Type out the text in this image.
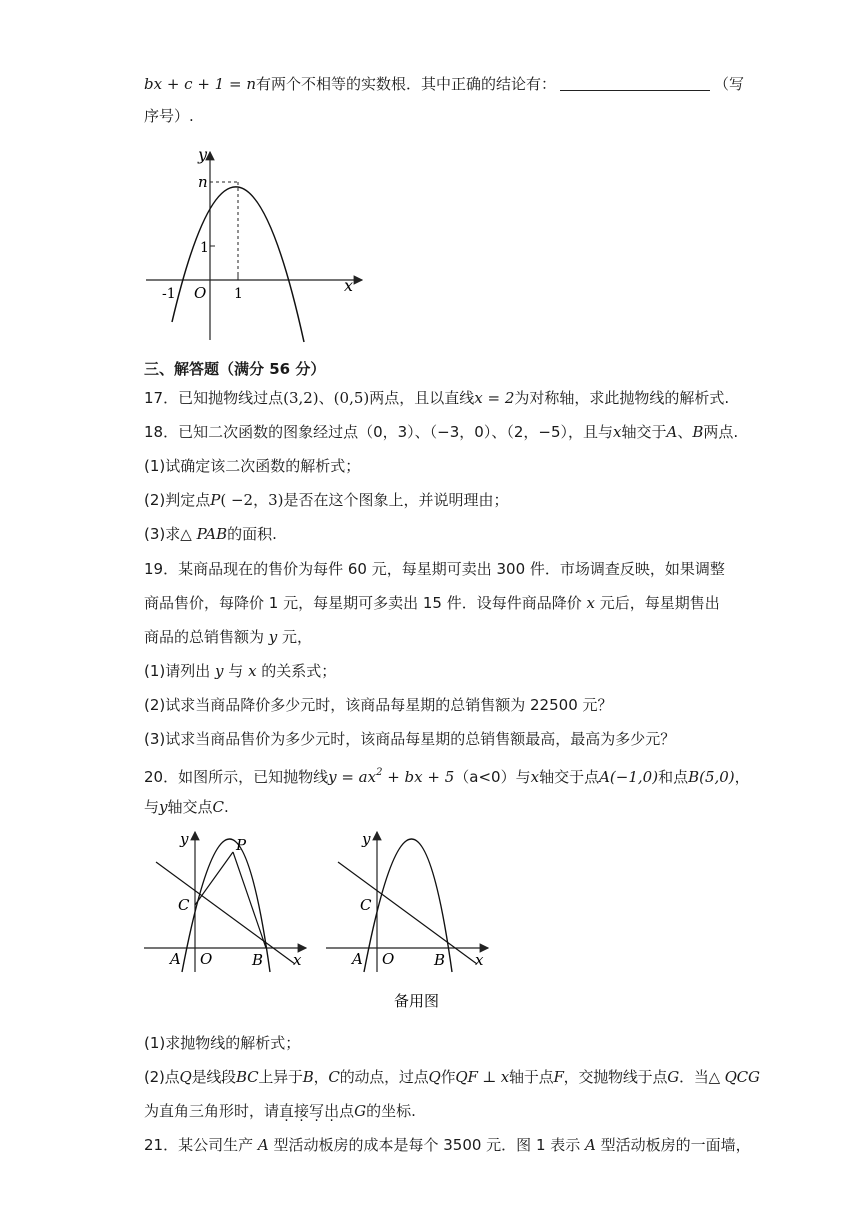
bx + c + 1 = n有两个不相等的实数根．其中正确的结论有：	（写
序号）.
y
n
1
-1 O 1	x
三、解答题（满分 56 分）
17．已知抛物线过点(3,2)、(0,5)两点，且以直线x = 2为对称轴，求此抛物线的解析式.
18．已知二次函数的图象经过点（0，3）、（−3，0）、（2，−5），且与x轴交于A、B两点.
(1)试确定该二次函数的解析式；
(2)判定点P( −2，3)是否在这个图象上，并说明理由；
(3)求△ PAB的面积.
19．某商品现在的售价为每件 60 元，每星期可卖出 300 件．市场调查反映，如果调整
商品售价，每降价 1 元，每星期可多卖出 15 件．设每件商品降价 x 元后，每星期售出
商品的总销售额为 y 元，
(1)请列出 y 与 x 的关系式；
(2)试求当商品降价多少元时，该商品每星期的总销售额为 22500 元？
(3)试求当商品售价为多少元时，该商品每星期的总销售额最高，最高为多少元？
20．如图所示，已知抛物线$y = ax^2$ + bx + 5（a<0）与x轴交于点A(−1,0)和点B(5,0)，
与y轴交点C.
y	P
C
A O	B x
y
C
A O	B x
备用图
(1)求抛物线的解析式；
(2)点Q是线段BC上异于B，C的动点，过点Q作QF ⊥ x轴于点F，交抛物线于点G．当△ QCG
为直角三角形时，请直接写出点G的坐标.
21．某公司生产 A 型活动板房的成本是每个 3500 元．图 1 表示 A 型活动板房的一面墙，
